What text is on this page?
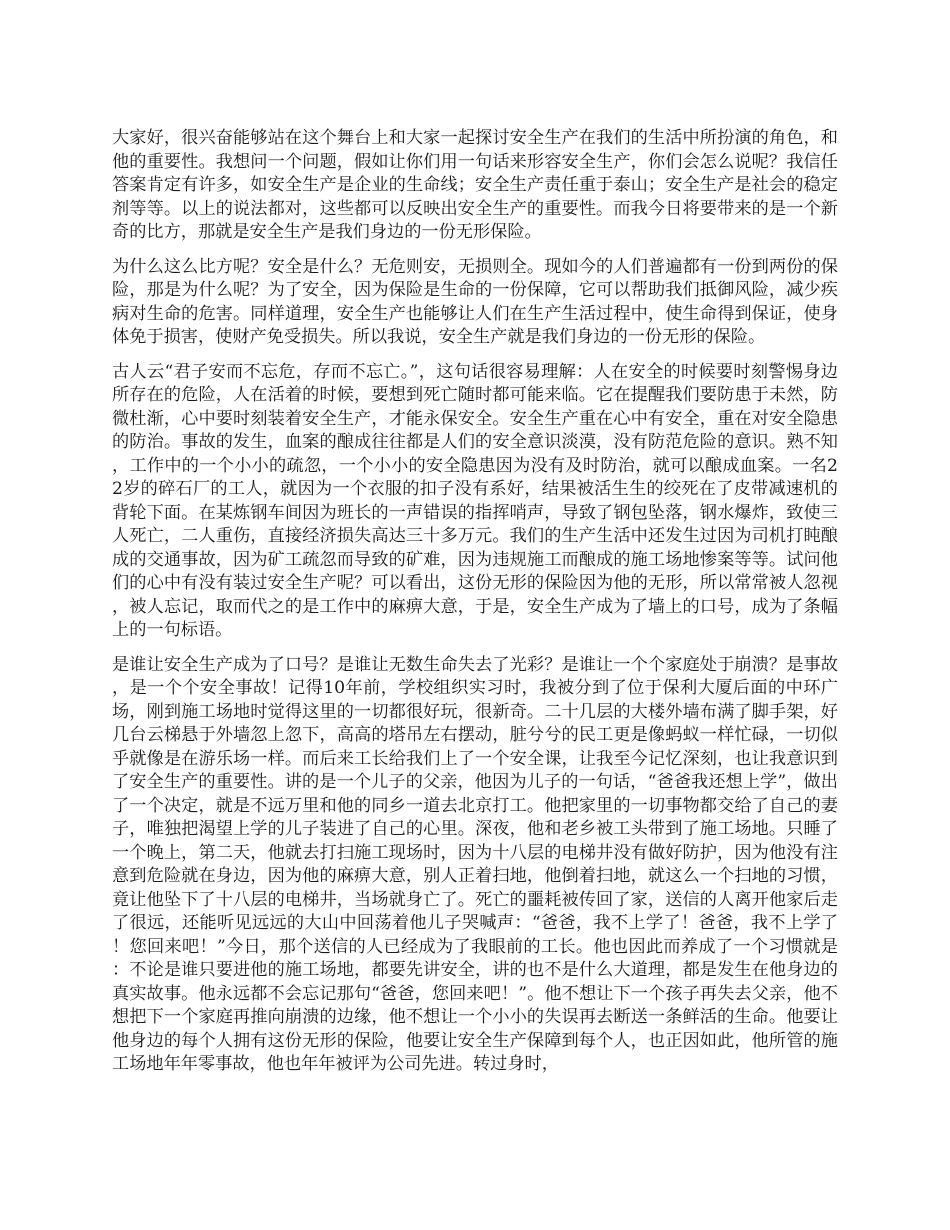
大家好，很兴奋能够站在这个舞台上和大家一起探讨安全生产在我们的生活中所扮演的角色，和他的重要性。我想问一个问题，假如让你们用一句话来形容安全生产，你们会怎么说呢？我信任答案肯定有许多，如安全生产是企业的生命线；安全生产责任重于泰山；安全生产是社会的稳定剂等等。以上的说法都对，这些都可以反映出安全生产的重要性。而我今日将要带来的是一个新奇的比方，那就是安全生产是我们身边的一份无形保险。

为什么这么比方呢？安全是什么？无危则安，无损则全。现如今的人们普遍都有一份到两份的保险，那是为什么呢？为了安全，因为保险是生命的一份保障，它可以帮助我们抵御风险，减少疾病对生命的危害。同样道理，安全生产也能够让人们在生产生活过程中，使生命得到保证，使身体免于损害，使财产免受损失。所以我说，安全生产就是我们身边的一份无形的保险。

古人云“君子安而不忘危，存而不忘亡。”，这句话很容易理解：人在安全的时候要时刻警惕身边所存在的危险，人在活着的时候，要想到死亡随时都可能来临。它在提醒我们要防患于未然，防微杜渐，心中要时刻装着安全生产，才能永保安全。安全生产重在心中有安全，重在对安全隐患的防治。事故的发生，血案的酿成往往都是人们的安全意识淡漠，没有防范危险的意识。熟不知，工作中的一个小小的疏忽，一个小小的安全隐患因为没有及时防治，就可以酿成血案。一名22岁的碎石厂的工人，就因为一个衣服的扣子没有系好，结果被活生生的绞死在了皮带减速机的背轮下面。在某炼钢车间因为班长的一声错误的指挥哨声，导致了钢包坠落，钢水爆炸，致使三人死亡，二人重伤，直接经济损失高达三十多万元。我们的生产生活中还发生过因为司机打盹酿成的交通事故，因为矿工疏忽而导致的矿难，因为违规施工而酿成的施工场地惨案等等。试问他们的心中有没有装过安全生产呢？可以看出，这份无形的保险因为他的无形，所以常常被人忽视，被人忘记，取而代之的是工作中的麻痹大意，于是，安全生产成为了墙上的口号，成为了条幅上的一句标语。

是谁让安全生产成为了口号？是谁让无数生命失去了光彩？是谁让一个个家庭处于崩溃？是事故，是一个个安全事故！记得10年前，学校组织实习时，我被分到了位于保利大厦后面的中环广场，刚到施工场地时觉得这里的一切都很好玩，很新奇。二十几层的大楼外墙布满了脚手架，好几台云梯悬于外墙忽上忽下，高高的塔吊左右摆动，脏兮兮的民工更是像蚂蚁一样忙碌，一切似乎就像是在游乐场一样。而后来工长给我们上了一个安全课，让我至今记忆深刻，也让我意识到了安全生产的重要性。讲的是一个儿子的父亲，他因为儿子的一句话，“爸爸我还想上学”，做出了一个决定，就是不远万里和他的同乡一道去北京打工。他把家里的一切事物都交给了自己的妻子，唯独把渴望上学的儿子装进了自己的心里。深夜，他和老乡被工头带到了施工场地。只睡了一个晚上，第二天，他就去打扫施工现场时，因为十八层的电梯井没有做好防护，因为他没有注意到危险就在身边，因为他的麻痹大意，别人正着扫地，他倒着扫地，就这么一个扫地的习惯，竟让他坠下了十八层的电梯井，当场就身亡了。死亡的噩耗被传回了家，送信的人离开他家后走了很远，还能听见远远的大山中回荡着他儿子哭喊声：“爸爸，我不上学了！爸爸，我不上学了！您回来吧！”今日，那个送信的人已经成为了我眼前的工长。他也因此而养成了一个习惯就是：不论是谁只要进他的施工场地，都要先讲安全，讲的也不是什么大道理，都是发生在他身边的真实故事。他永远都不会忘记那句“爸爸，您回来吧！”。他不想让下一个孩子再失去父亲，他不想把下一个家庭再推向崩溃的边缘，他不想让一个小小的失误再去断送一条鲜活的生命。他要让他身边的每个人拥有这份无形的保险，他要让安全生产保障到每个人，也正因如此，他所管的施工场地年年零事故，他也年年被评为公司先进。转过身时，
